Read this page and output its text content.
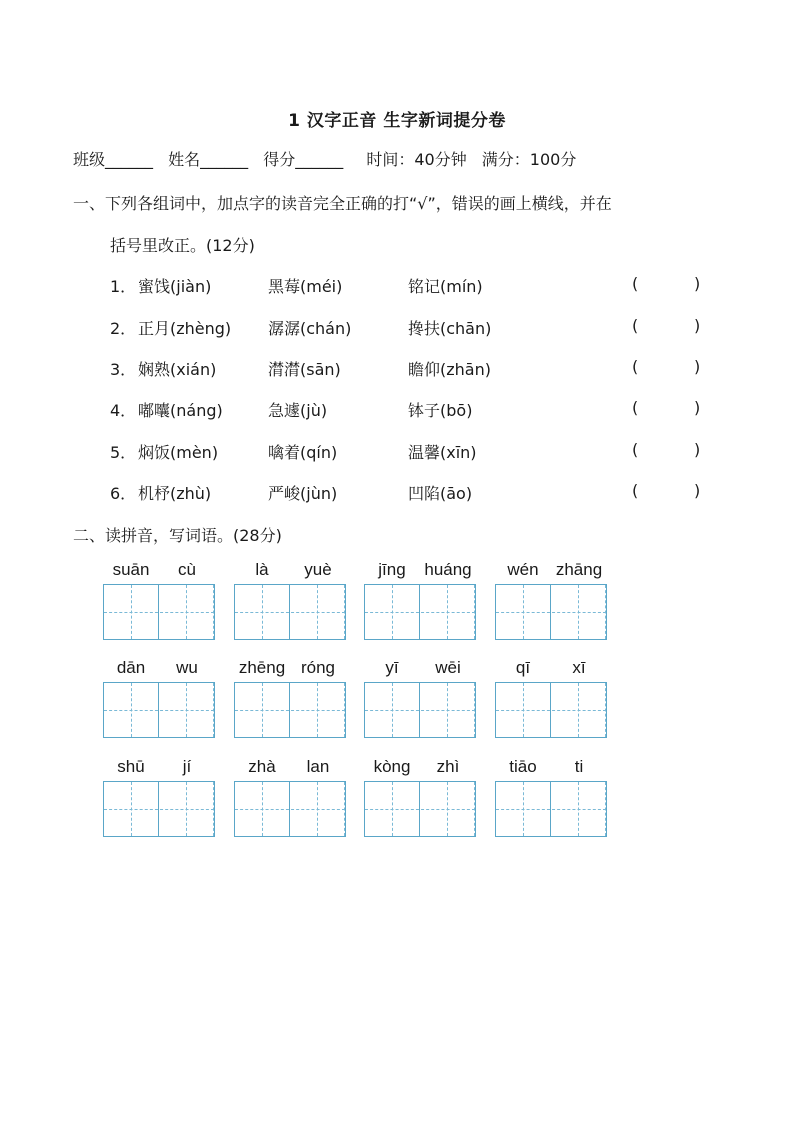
1 汉字正音 生字新词提分卷
班级______ 姓名______ 得分______ 时间：40分钟 满分：100分
一、下列各组词中，加点字的读音完全正确的打“√”，错误的画上横线，并在
括号里改正。(12分)
1． 蜜饯(jiàn)	黑莓(méi)	铭记(mín)	(	)
2． 正月(zhèng) 潺潺(chán)	搀扶(chān)	(	)
3． 娴熟(xián)	潸潸(sān)	瞻仰(zhān)	(	)
4． 嘟囔(náng)	急遽(jù)	钵子(bō)	(	)
5． 焖饭(mèn)	噙着(qín)	温馨(xīn)	(	)
6． 机杼(zhù)	严峻(jùn)	凹陷(āo)	(	)
二、读拼音，写词语。(28分)
suān	cù	là	yuè	jīng	huáng	wén	zhāng
dān	wu	zhēng róng	yī	wēi	qī	xī
shū	jí	zhà	lan	kòng	zhì	tiāo	ti
